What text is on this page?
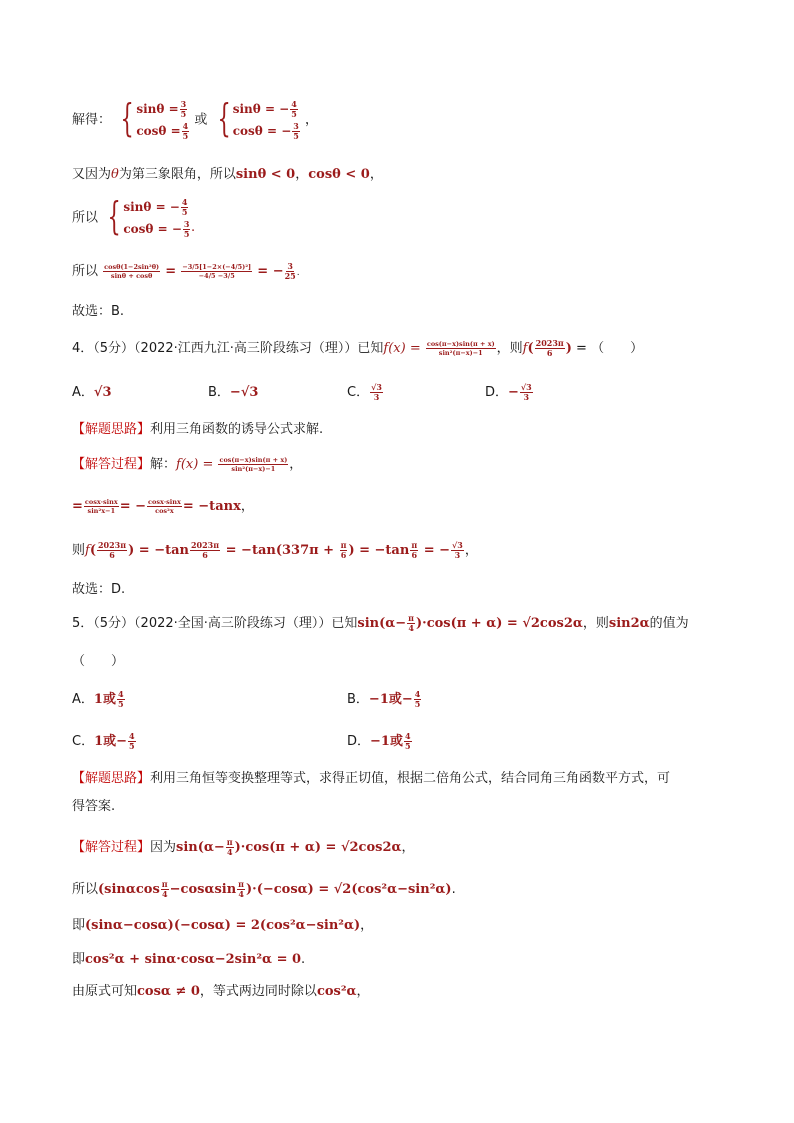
解得： { $\sin\theta = \frac{3}{5}$
$\cos\theta = \frac{4}{5}$
或 { sinθ = − $\frac{4}{5}$
cosθ = − $\frac{3}{5}$
，
又因为θ为第三象限角，所以sinθ < 0，cosθ < 0，
所以 { sinθ = − $\frac{4}{5}$
cosθ = − $\frac{3}{5}$ .
所以 $\frac{\text{cosθ(1−2sin²θ)}}{\sin\theta + \cos\theta} = \frac{\text{−3/5[1−2×(−4/5)²]}}{-4/5 -3/5}$ = − $\frac{3}{25}$ .
故选：B.
4．（5分）（2022·江西九江·高三阶段练习（理））已知$f(x) = \frac{\cos(\pi-x)\sin(\pi + x)}{\text{sin²(π−x)−1}}$ ，则$f( \frac{2023\pi}{6}$ ) = （　　）
A．√3	B．−√3	C． $\frac{√3}{3}$	D．− $\frac{√3}{3}$
【解题思路】利用三角函数的诱导公式求解.
【解答过程】解：$f(x) = \frac{\cos(\pi-x)\sin(\pi + x)}{\text{sin²(π−x)−1}}$ ，
= $\frac{\cos x\cdot\sin x}{\text{sin²x−1}}$ = − $\frac{\cos x\cdot\sin x}{\text{cos²x}} = -\tan x$，
则$f( \frac{2023\pi}{6}$ ) = $-\tan \frac{2023\pi}{6} = -\tan(337\pi + \frac{\pi}{6}$ ) = $-\tan \frac{\pi}{6}$ = − $\frac{√3}{3}$ ，
故选：D.
5．（5分）（2022·全国·高三阶段练习（理））已知$\sin(\alpha- \frac{\pi}{4} )\cdot\cos(\pi + \alpha) = √2\cos 2\alpha$，则sin2α的值为
（　　）
A．1或 $\frac{4}{5}$	B．−1或− $\frac{4}{5}$
C．1或− $\frac{4}{5}$	D．−1或 $\frac{4}{5}$
【解题思路】利用三角恒等变换整理等式，求得正切值，根据二倍角公式，结合同角三角函数平方式，可
得答案.
【解答过程】因为$\sin(\alpha- \frac{\pi}{4} )\cdot\cos(\pi + \alpha) = √2\cos 2\alpha$，
所以$(\sin\alpha\cos \frac{\pi}{4} -\cos\alpha\sin \frac{\pi}{4} )\cdot(-\cos\alpha) = √2(\cos^2\alpha-\sin^2\alpha)$.
即(sinα−cosα)(−cosα) = 2(cos²α−sin²α)，
即cos²α + sinα·cosα−2sin²α = 0.
由原式可知cosα ≠ 0，等式两边同时除以cos²α，
